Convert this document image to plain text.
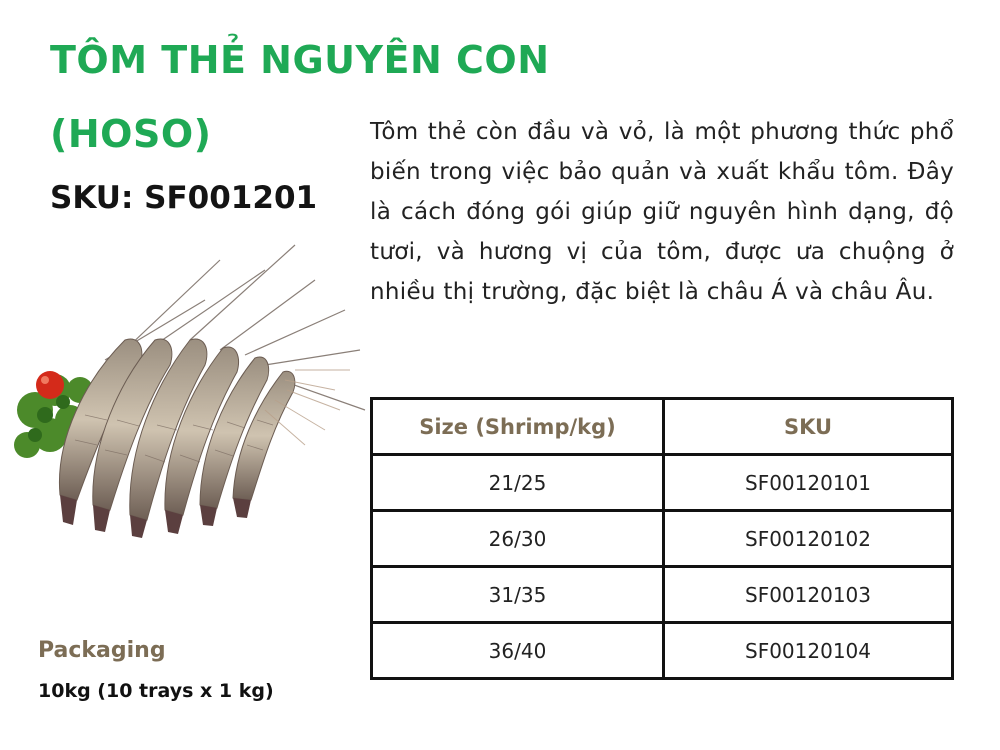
TÔM THẺ NGUYÊN CON
(HOSO)
SKU: SF001201
Tôm thẻ còn đầu và vỏ, là một phương thức phổ biến trong việc bảo quản và xuất khẩu tôm. Đây là cách đóng gói giúp giữ nguyên hình dạng, độ tươi, và hương vị của tôm, được ưa chuộng ở nhiều thị trường, đặc biệt là châu Á và châu Âu.
Packaging
10kg (10 trays x 1 kg)
Size (Shrimp/kg)	SKU
21/25	SF00120101
26/30	SF00120102
31/35	SF00120103
36/40	SF00120104
